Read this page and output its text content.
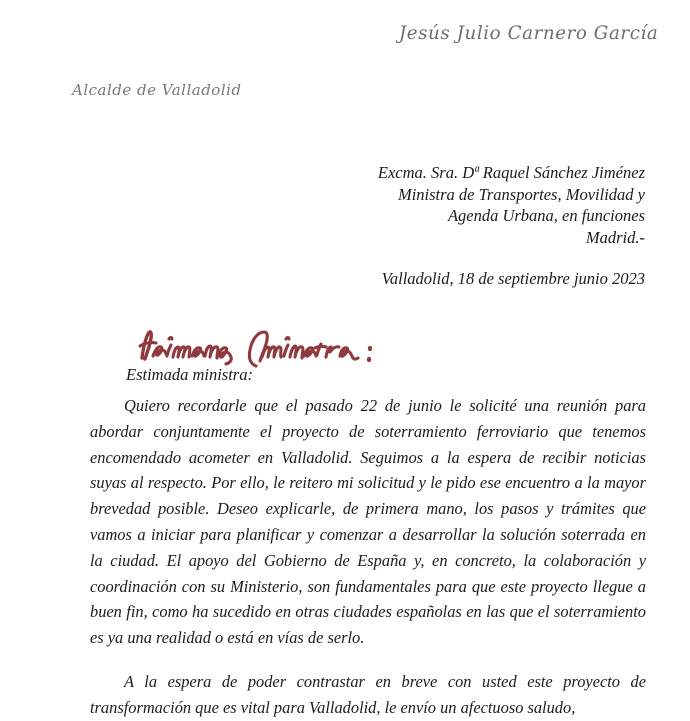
Jesús Julio Carnero García
Alcalde de Valladolid
Excma. Sra. Dª Raquel Sánchez Jiménez
Ministra de Transportes, Movilidad y
Agenda Urbana, en funciones
Madrid.-
Valladolid, 18 de septiembre junio 2023
Estimada ministra:

Quiero recordarle que el pasado 22 de junio le solicité una reunión para abordar conjuntamente el proyecto de soterramiento ferroviario que tenemos encomendado acometer en Valladolid. Seguimos a la espera de recibir noticias suyas al respecto. Por ello, le reitero mi solicitud y le pido ese encuentro a la mayor brevedad posible. Deseo explicarle, de primera mano, los pasos y trámites que vamos a iniciar para planificar y comenzar a desarrollar la solución soterrada en la ciudad. El apoyo del Gobierno de España y, en concreto, la colaboración y coordinación con su Ministerio, son fundamentales para que este proyecto llegue a buen fin, como ha sucedido en otras ciudades españolas en las que el soterramiento es ya una realidad o está en vías de serlo.

A la espera de poder contrastar en breve con usted este proyecto de transformación que es vital para Valladolid, le envío un afectuoso saludo,
